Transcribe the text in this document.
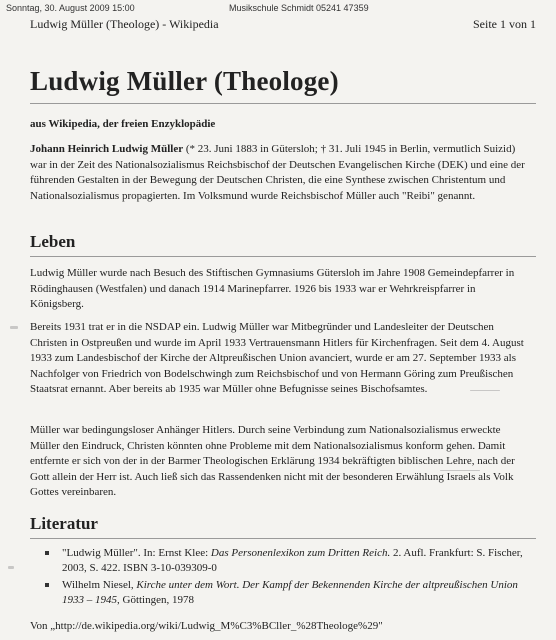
Sonntag, 30. August 2009 15:00	Musikschule Schmidt 05241 47359
Ludwig Müller (Theologe) - Wikipedia	Seite 1 von 1
Ludwig Müller (Theologe)
aus Wikipedia, der freien Enzyklopädie

Johann Heinrich Ludwig Müller (* 23. Juni 1883 in Gütersloh; † 31. Juli 1945 in Berlin, vermutlich Suizid) war in der Zeit des Nationalsozialismus Reichsbischof der Deutschen Evangelischen Kirche (DEK) und eine der führenden Gestalten in der Bewegung der Deutschen Christen, die eine Synthese zwischen Christentum und Nationalsozialismus propagierten. Im Volksmund wurde Reichsbischof Müller auch "Reibi" genannt.

Leben

Ludwig Müller wurde nach Besuch des Stiftischen Gymnasiums Gütersloh im Jahre 1908 Gemeindepfarrer in Rödinghausen (Westfalen) und danach 1914 Marinepfarrer. 1926 bis 1933 war er Wehrkreispfarrer in Königsberg.

Bereits 1931 trat er in die NSDAP ein. Ludwig Müller war Mitbegründer und Landesleiter der Deutschen Christen in Ostpreußen und wurde im April 1933 Vertrauensmann Hitlers für Kirchenfragen. Seit dem 4. August 1933 zum Landesbischof der Kirche der Altpreußischen Union avanciert, wurde er am 27. September 1933 als Nachfolger von Friedrich von Bodelschwingh zum Reichsbischof und von Hermann Göring zum Preußischen Staatsrat ernannt. Aber bereits ab 1935 war Müller ohne Befugnisse seines Bischofsamtes.

Müller war bedingungsloser Anhänger Hitlers. Durch seine Verbindung zum Nationalsozialismus erweckte Müller den Eindruck, Christen könnten ohne Probleme mit dem Nationalsozialismus konform gehen. Damit entfernte er sich von der in der Barmer Theologischen Erklärung 1934 bekräftigten biblischen Lehre, nach der Gott allein der Herr ist. Auch ließ sich das Rassendenken nicht mit der besonderen Erwählung Israels als Volk Gottes vereinbaren.

Literatur
"Ludwig Müller". In: Ernst Klee: Das Personenlexikon zum Dritten Reich. 2. Aufl. Frankfurt: S. Fischer, 2003, S. 422. ISBN 3-10-039309-0
Wilhelm Niesel, Kirche unter dem Wort. Der Kampf der Bekennenden Kirche der altpreußischen Union 1933 – 1945, Göttingen, 1978
Von „http://de.wikipedia.org/wiki/Ludwig_M%C3%BCller_%28Theologe%29"
